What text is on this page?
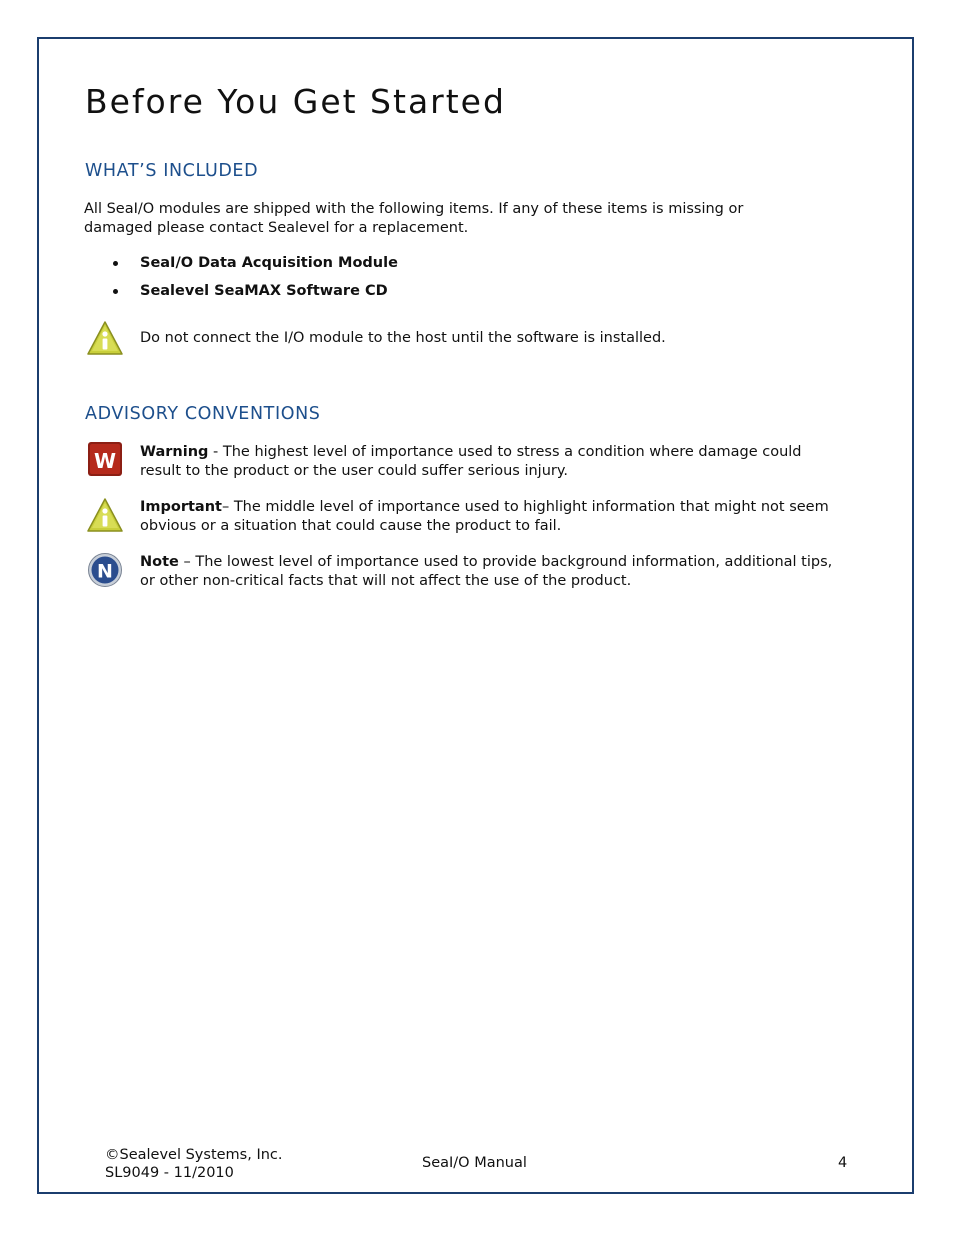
Before You Get Started
WHAT’S INCLUDED

All SeaI/O modules are shipped with the following items. If any of these items is missing or
damaged please contact Sealevel for a replacement.

SeaI/O Data Acquisition Module
Sealevel SeaMAX Software CD

Do not connect the I/O module to the host until the software is installed.

ADVISORY CONVENTIONS
W Warning - The highest level of importance used to stress a condition where damage could result to the product or the user could suffer serious injury.

Important– The middle level of importance used to highlight information that might not seem obvious or a situation that could cause the product to fail.

N Note – The lowest level of importance used to provide background information, additional tips, or other non-critical facts that will not affect the use of the product.

©Sealevel Systems, Inc.
SL9049 - 11/2010
SeaI/O Manual	4
